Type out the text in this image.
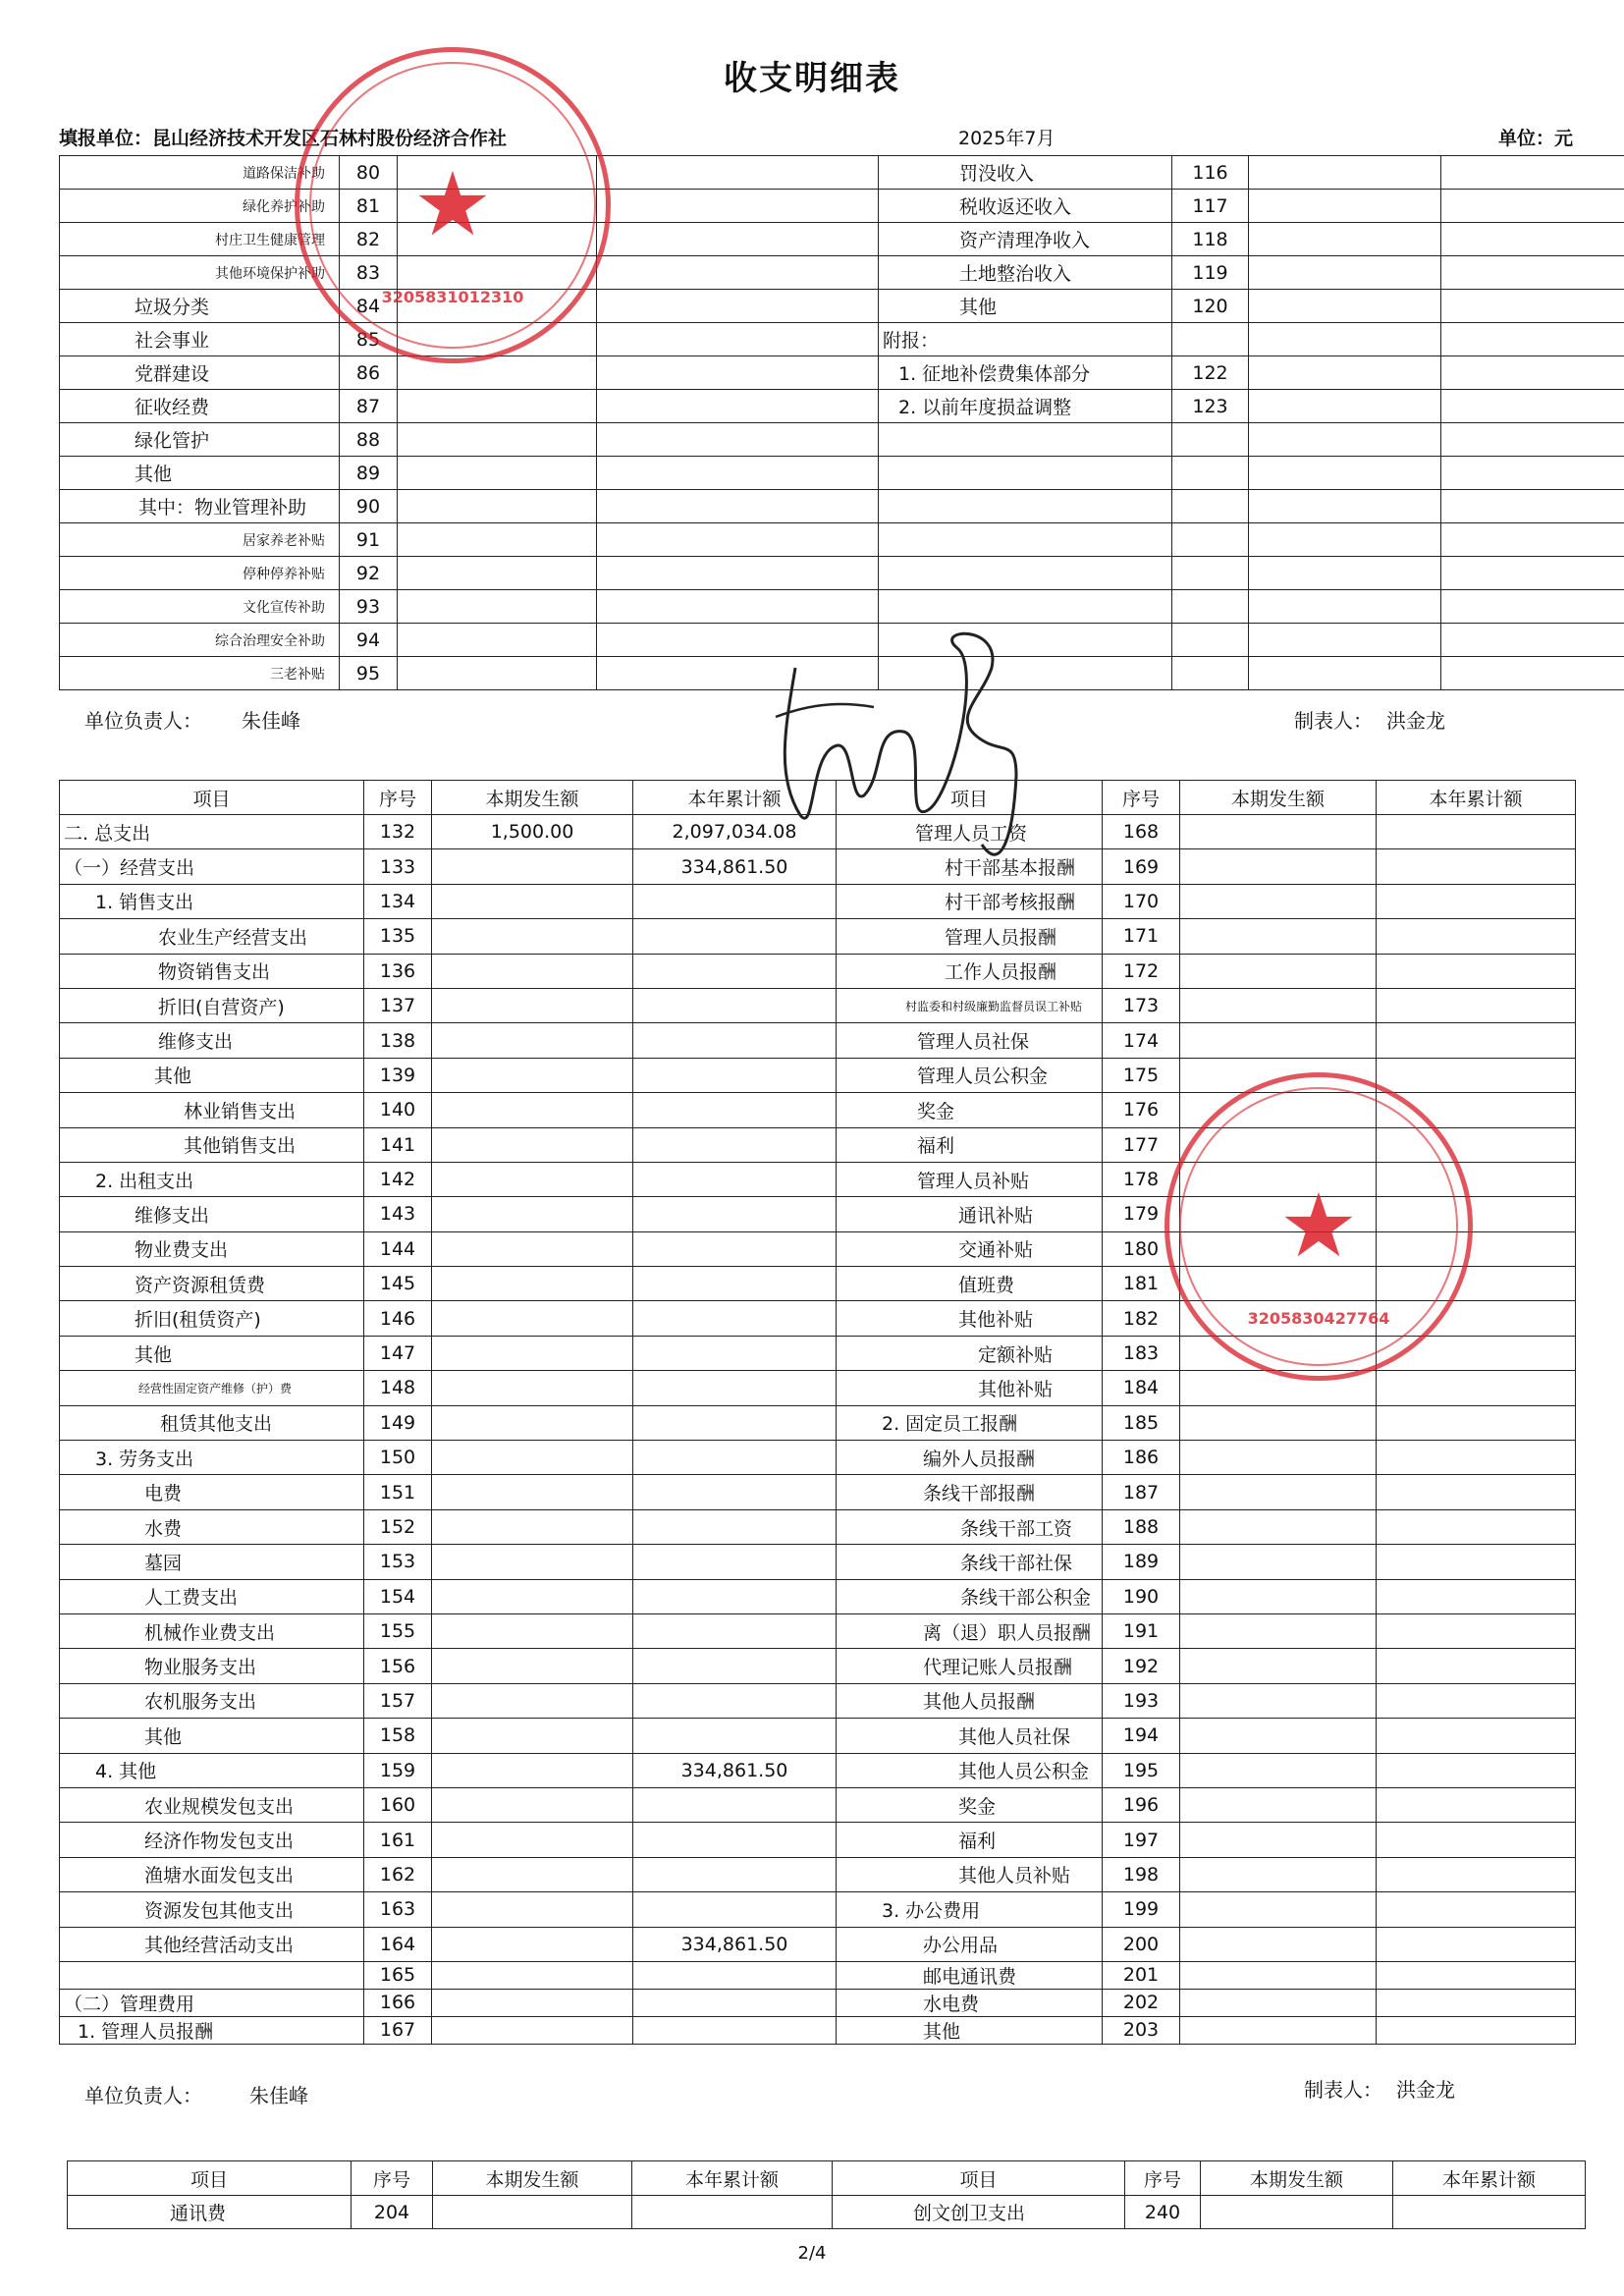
收支明细表
填报单位：昆山经济技术开发区石林村股份经济合作社	2025年7月	单位：元
道路保洁补助	80			罚没收入	116		
绿化养护补助	81			税收返还收入	117		
村庄卫生健康管理	82			资产清理净收入	118		
其他环境保护补助	83			土地整治收入	119		
垃圾分类	84			其他	120		
社会事业	85			附报：			
党群建设	86			1. 征地补偿费集体部分	122		
征收经费	87			2. 以前年度损益调整	123		
绿化管护	88						
其他	89						
其中：物业管理补助	90						
居家养老补贴	91						
停种停养补贴	92						
文化宣传补助	93						
综合治理安全补助	94						
三老补贴	95						
单位负责人： 朱佳峰	制表人： 洪金龙
项目	序号	本期发生额	本年累计额	项目	序号	本期发生额	本年累计额
二. 总支出	132	1,500.00	2,097,034.08	管理人员工资	168		
（一）经营支出	133		334,861.50	村干部基本报酬	169		
1. 销售支出	134			村干部考核报酬	170		
农业生产经营支出	135			管理人员报酬	171		
物资销售支出	136			工作人员报酬	172		
折旧(自营资产)	137			村监委和村级廉勤监督员误工补贴	173		
维修支出	138			管理人员社保	174		
其他	139			管理人员公积金	175		
林业销售支出	140			奖金	176		
其他销售支出	141			福利	177		
2. 出租支出	142			管理人员补贴	178		
维修支出	143			通讯补贴	179		
物业费支出	144			交通补贴	180		
资产资源租赁费	145			值班费	181		
折旧(租赁资产)	146			其他补贴	182		
其他	147			定额补贴	183		
经营性固定资产维修（护）费	148			其他补贴	184		
租赁其他支出	149			2. 固定员工报酬	185		
3. 劳务支出	150			编外人员报酬	186		
电费	151			条线干部报酬	187		
水费	152			条线干部工资	188		
墓园	153			条线干部社保	189		
人工费支出	154			条线干部公积金	190		
机械作业费支出	155			离（退）职人员报酬	191		
物业服务支出	156			代理记账人员报酬	192		
农机服务支出	157			其他人员报酬	193		
其他	158			其他人员社保	194		
4. 其他	159		334,861.50	其他人员公积金	195		
农业规模发包支出	160			奖金	196		
经济作物发包支出	161			福利	197		
渔塘水面发包支出	162			其他人员补贴	198		
资源发包其他支出	163			3. 办公费用	199		
其他经营活动支出	164		334,861.50	办公用品	200		
	165			邮电通讯费	201		
（二）管理费用	166			水电费	202		
1. 管理人员报酬	167			其他	203		
单位负责人： 朱佳峰	制表人： 洪金龙
项目	序号	本期发生额	本年累计额	项目	序号	本期发生额	本年累计额
通讯费	204			创文创卫支出	240		
★
3205831012310
★
3205830427764
2/4
